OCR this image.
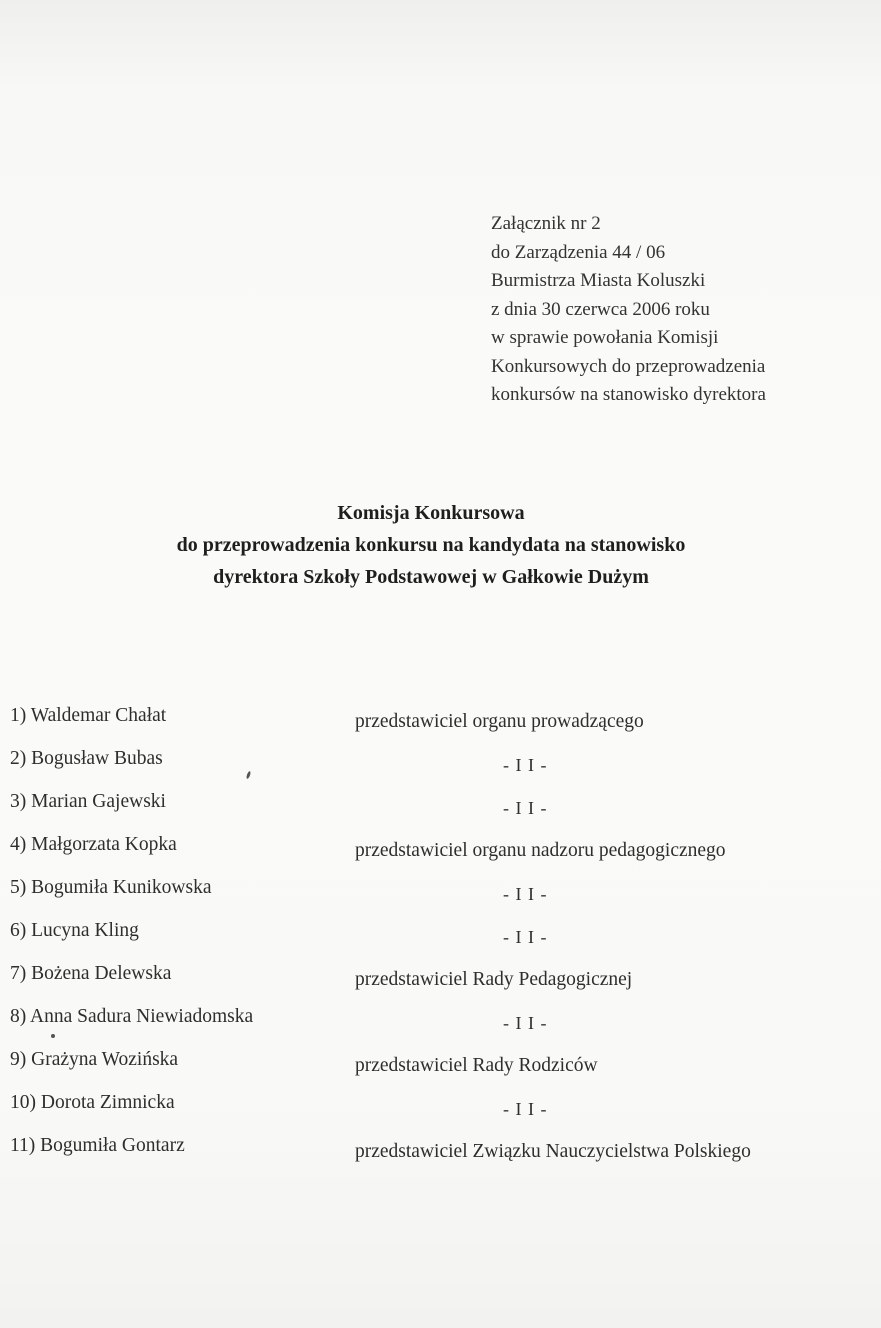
Załącznik nr 2
do Zarządzenia 44 / 06
Burmistrza Miasta Koluszki
z dnia 30 czerwca 2006 roku
w sprawie powołania Komisji
Konkursowych do przeprowadzenia
konkursów na stanowisko dyrektora
Komisja Konkursowa
do przeprowadzenia konkursu na kandydata na stanowisko
dyrektora Szkoły Podstawowej w Gałkowie Dużym
1) Waldemar Chałat	przedstawiciel organu prowadzącego
2) Bogusław Bubas	- I I -
3) Marian Gajewski	- I I -
4) Małgorzata Kopka	przedstawiciel organu nadzoru pedagogicznego
5) Bogumiła Kunikowska	- I I -
6) Lucyna Kling	- I I -
7) Bożena Delewska	przedstawiciel Rady Pedagogicznej
8) Anna Sadura Niewiadomska	- I I -
9) Grażyna Wozińska	przedstawiciel Rady Rodziców
10) Dorota Zimnicka	- I I -
11) Bogumiła Gontarz	przedstawiciel Związku Nauczycielstwa Polskiego
